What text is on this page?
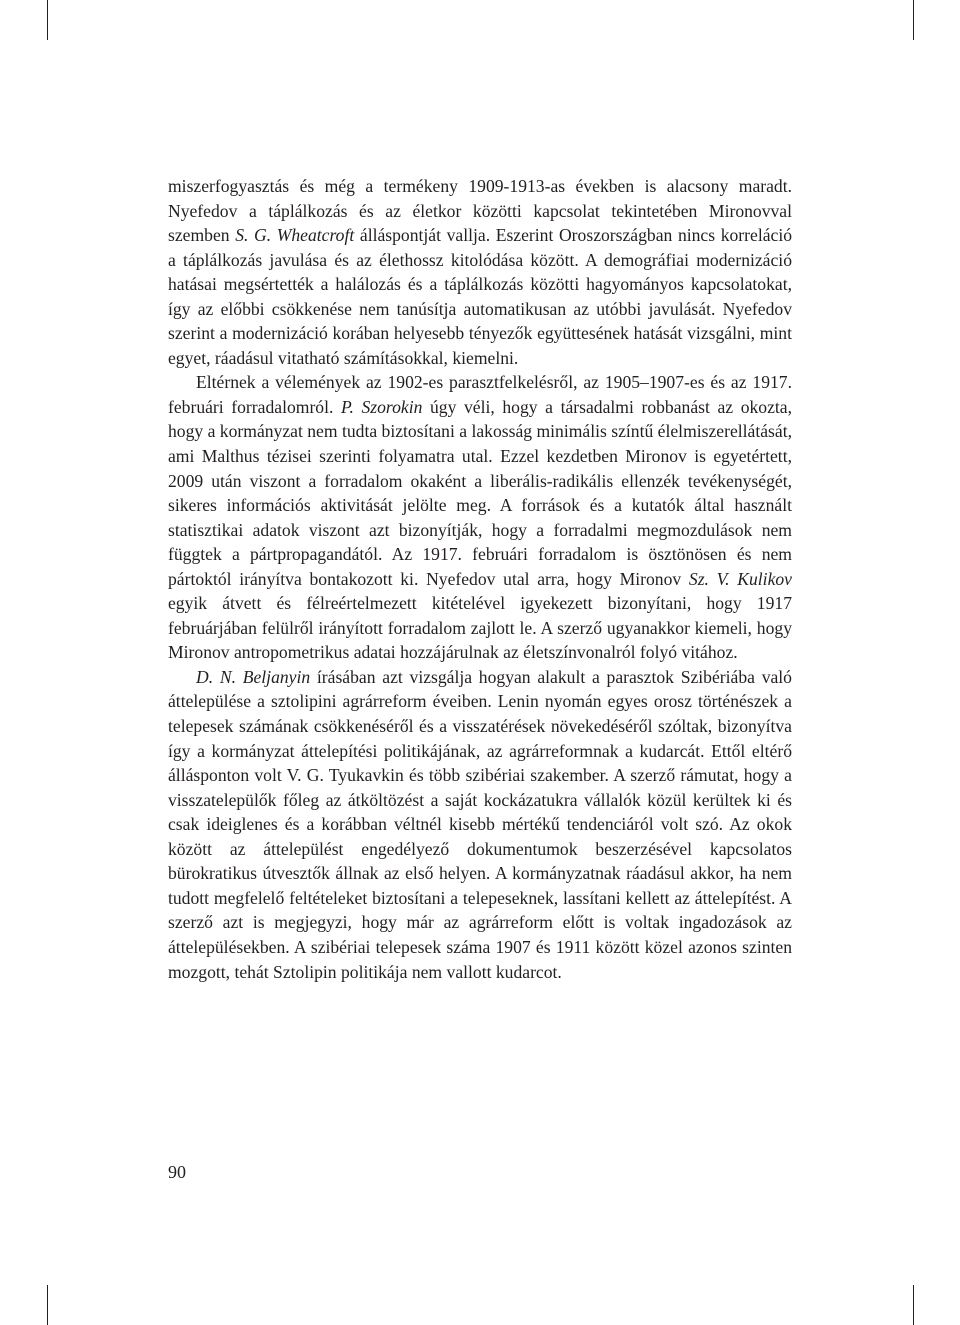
miszerfogyasztás és még a termékeny 1909-1913-as években is alacsony maradt. Nyefedov a táplálkozás és az életkor közötti kapcsolat tekintetében Mironovval szemben S. G. Wheatcroft álláspontját vallja. Eszerint Oroszországban nincs korreláció a táplálkozás javulása és az élethossz kitolódása között. A demográfiai modernizáció hatásai megsértették a halálozás és a táplálkozás közötti hagyományos kapcsolatokat, így az előbbi csökkenése nem tanúsítja automatikusan az utóbbi javulását. Nyefedov szerint a modernizáció korában helyesebb tényezők együttesének hatását vizsgálni, mint egyet, ráadásul vitatható számításokkal, kiemelni.

Eltérnek a vélemények az 1902-es parasztfelkelésről, az 1905–1907-es és az 1917. februári forradalomról. P. Szorokin úgy véli, hogy a társadalmi robbanást az okozta, hogy a kormányzat nem tudta biztosítani a lakosság minimális színtű élelmiszerellátását, ami Malthus tézisei szerinti folyamatra utal. Ezzel kezdetben Mironov is egyetértett, 2009 után viszont a forradalom okaként a liberális-radikális ellenzék tevékenységét, sikeres információs aktivitását jelölte meg. A források és a kutatók által használt statisztikai adatok viszont azt bizonyítják, hogy a forradalmi megmozdulások nem függtek a pártpropagandától. Az 1917. februári forradalom is ösztönösen és nem pártoktól irányítva bontakozott ki. Nyefedov utal arra, hogy Mironov Sz. V. Kulikov egyik átvett és félreértelmezett kitételével igyekezett bizonyítani, hogy 1917 februárjában felülről irányított forradalom zajlott le. A szerző ugyanakkor kiemeli, hogy Mironov antropometrikus adatai hozzájárulnak az életszínvonalról folyó vitához.

D. N. Beljanyin írásában azt vizsgálja hogyan alakult a parasztok Szibériába való áttelepülése a sztolipini agrárreform éveiben. Lenin nyomán egyes orosz történészek a telepesek számának csökkenéséről és a visszatérések növekedéséről szóltak, bizonyítva így a kormányzat áttelepítési politikájának, az agrárreformnak a kudarcát. Ettől eltérő állásponton volt V. G. Tyukavkin és több szibériai szakember. A szerző rámutat, hogy a visszatelepülők főleg az átköltözést a saját kockázatukra vállalók közül kerültek ki és csak ideiglenes és a korábban véltnél kisebb mértékű tendenciáról volt szó. Az okok között az áttelepülést engedélyező dokumentumok beszerzésével kapcsolatos bürokratikus útvesztők állnak az első helyen. A kormányzatnak ráadásul akkor, ha nem tudott megfelelő feltételeket biztosítani a telepeseknek, lassítani kellett az áttelepítést. A szerző azt is megjegyzi, hogy már az agrárreform előtt is voltak ingadozások az áttelepülésekben. A szibériai telepesek száma 1907 és 1911 között közel azonos szinten mozgott, tehát Sztolipin politikája nem vallott kudarcot.

90
